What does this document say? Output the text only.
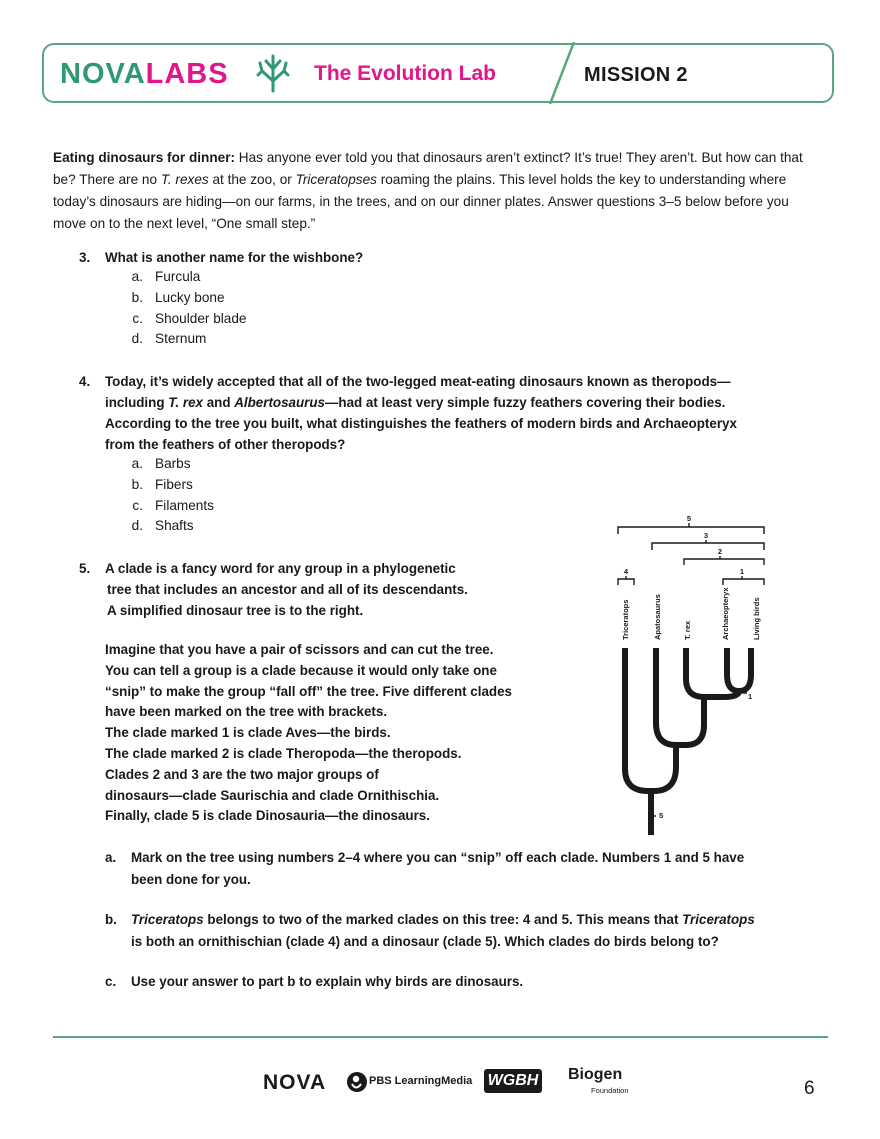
NOVALABS	The Evolution Lab	MISSION 2
Eating dinosaurs for dinner: Has anyone ever told you that dinosaurs aren’t extinct? It’s true! They aren’t. But how can that be? There are no T. rexes at the zoo, or Triceratopses roaming the plains. This level holds the key to understanding where today’s dinosaurs are hiding—on our farms, in the trees, and on our dinner plates. Answer questions 3–5 below before you move on to the next level, “One small step.”
3. What is another name for the wishbone?
a. Furcula
b. Lucky bone
c. Shoulder blade
d. Sternum
4. Today, it’s widely accepted that all of the two-legged meat-eating dinosaurs known as theropods—
including T. rex and Albertosaurus—had at least very simple fuzzy feathers covering their bodies.
According to the tree you built, what distinguishes the feathers of modern birds and Archaeopteryx
from the feathers of other theropods?
a. Barbs
b. Fibers
c. Filaments
d. Shafts
5. A clade is a fancy word for any group in a phylogenetic
tree that includes an ancestor and all of its descendants.
A simplified dinosaur tree is to the right.
Imagine that you have a pair of scissors and can cut the tree.
You can tell a group is a clade because it would only take one
“snip” to make the group “fall off” the tree. Five different clades
have been marked on the tree with brackets.
The clade marked 1 is clade Aves—the birds.
The clade marked 2 is clade Theropoda—the theropods.
Clades 2 and 3 are the two major groups of
dinosaurs—clade Saurischia and clade Ornithischia.
Finally, clade 5 is clade Dinosauria—the dinosaurs.
5
3
2
4	1
Triceratops	Apatosaurus	T. rex	Archaeopteryx	Living birds
1
5
a. Mark on the tree using numbers 2–4 where you can “snip” off each clade. Numbers 1 and 5 have
been done for you.
b. Triceratops belongs to two of the marked clades on this tree: 4 and 5. This means that Triceratops
is both an ornithischian (clade 4) and a dinosaur (clade 5). Which clades do birds belong to?
c. Use your answer to part b to explain why birds are dinosaurs.
NOVA	PBS LearningMedia WGBH Biogen
Foundation	6
